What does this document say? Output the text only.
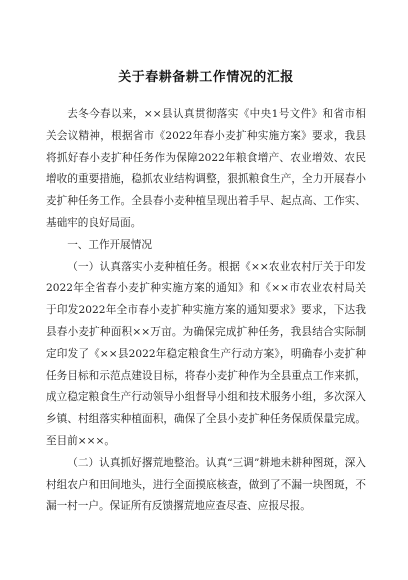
关于春耕备耕工作情况的汇报

去冬今春以来，××县认真贯彻落实《中央1号文件》和省市相关会议精神，根据省市《2022年春小麦扩种实施方案》要求，我县将抓好春小麦扩种任务作为保障2022年粮食增产、农业增效、农民增收的重要措施，稳抓农业结构调整，狠抓粮食生产，全力开展春小麦扩种任务工作。全县春小麦种植呈现出着手早、起点高、工作实、基础牢的良好局面。

一、工作开展情况

（一）认真落实小麦种植任务。根据《××农业农村厅关于印发2022年全省春小麦扩种实施方案的通知》和《××市农业农村局关于印发2022年全市春小麦扩种实施方案的通知要求》要求，下达我县春小麦扩种面积××万亩。为确保完成扩种任务，我县结合实际制定印发了《××县2022年稳定粮食生产行动方案》，明确春小麦扩种任务目标和示范点建设目标，将春小麦扩种作为全县重点工作来抓，成立稳定粮食生产行动领导小组督导小组和技术服务小组，多次深入乡镇、村组落实种植面积，确保了全县小麦扩种任务保质保量完成。至目前×××。

（二）认真抓好撂荒地整治。认真“三调”耕地未耕种图斑，深入村组农户和田间地头，进行全面摸底核查，做到了不漏一块图斑，不漏一村一户。保证所有反馈撂荒地应查尽查、应报尽报。
